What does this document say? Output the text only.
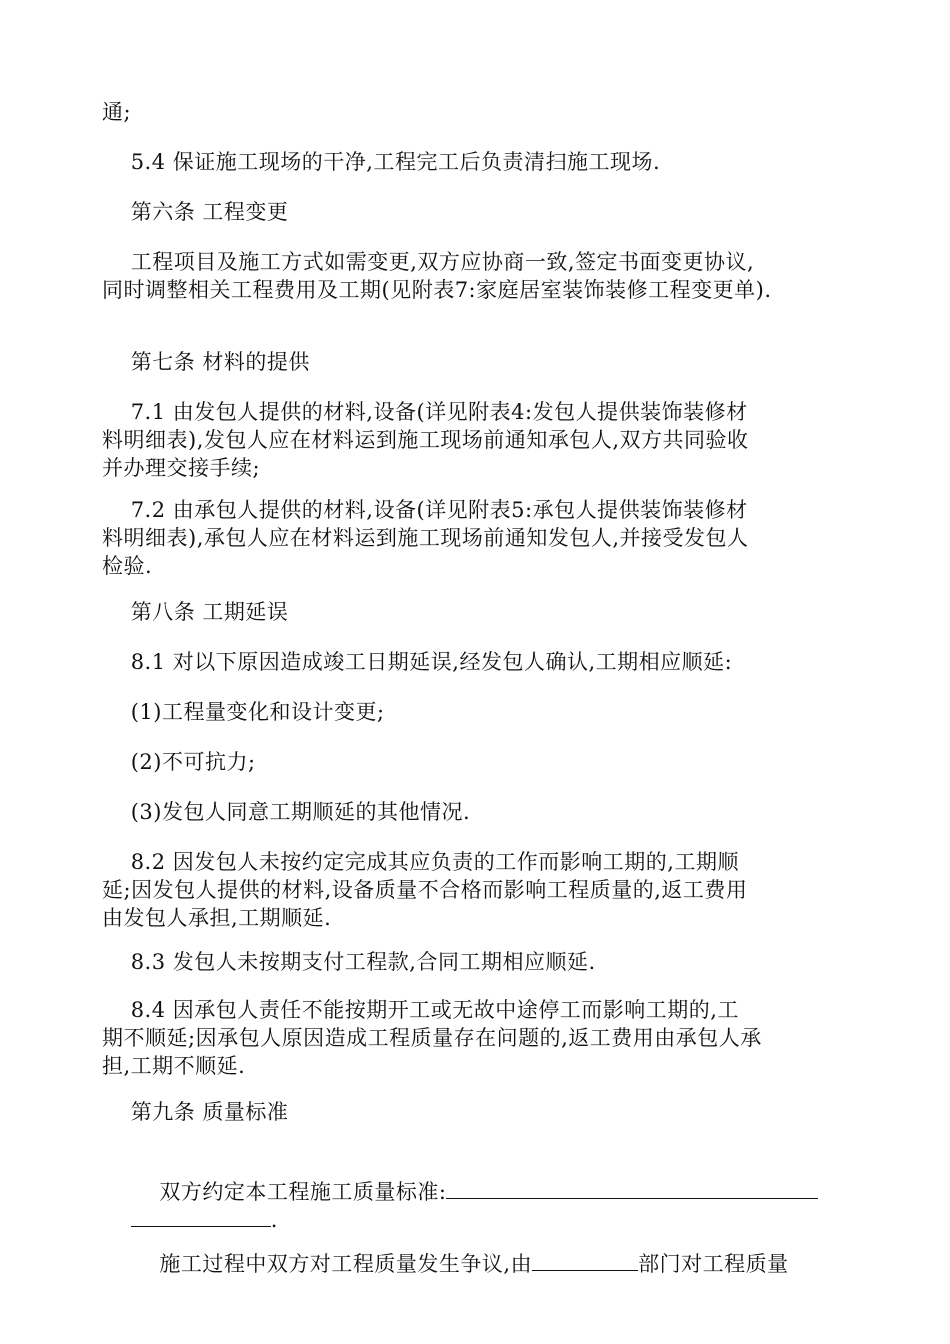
通;
5.4 保证施工现场的干净,工程完工后负责清扫施工现场.
第六条 工程变更
工程项目及施工方式如需变更,双方应协商一致,签定书面变更协议,
同时调整相关工程费用及工期(见附表7:家庭居室装饰装修工程变更单).
第七条 材料的提供
7.1 由发包人提供的材料,设备(详见附表4:发包人提供装饰装修材
料明细表),发包人应在材料运到施工现场前通知承包人,双方共同验收
并办理交接手续;
7.2 由承包人提供的材料,设备(详见附表5:承包人提供装饰装修材
料明细表),承包人应在材料运到施工现场前通知发包人,并接受发包人
检验.
第八条 工期延误
8.1 对以下原因造成竣工日期延误,经发包人确认,工期相应顺延:
(1)工程量变化和设计变更;
(2)不可抗力;
(3)发包人同意工期顺延的其他情况.
8.2 因发包人未按约定完成其应负责的工作而影响工期的,工期顺
延;因发包人提供的材料,设备质量不合格而影响工程质量的,返工费用
由发包人承担,工期顺延.
8.3 发包人未按期支付工程款,合同工期相应顺延.
8.4 因承包人责任不能按期开工或无故中途停工而影响工期的,工
期不顺延;因承包人原因造成工程质量存在问题的,返工费用由承包人承
担,工期不顺延.
第九条 质量标准

双方约定本工程施工质量标准:

.

施工过程中双方对工程质量发生争议,由	部门对工程质量
